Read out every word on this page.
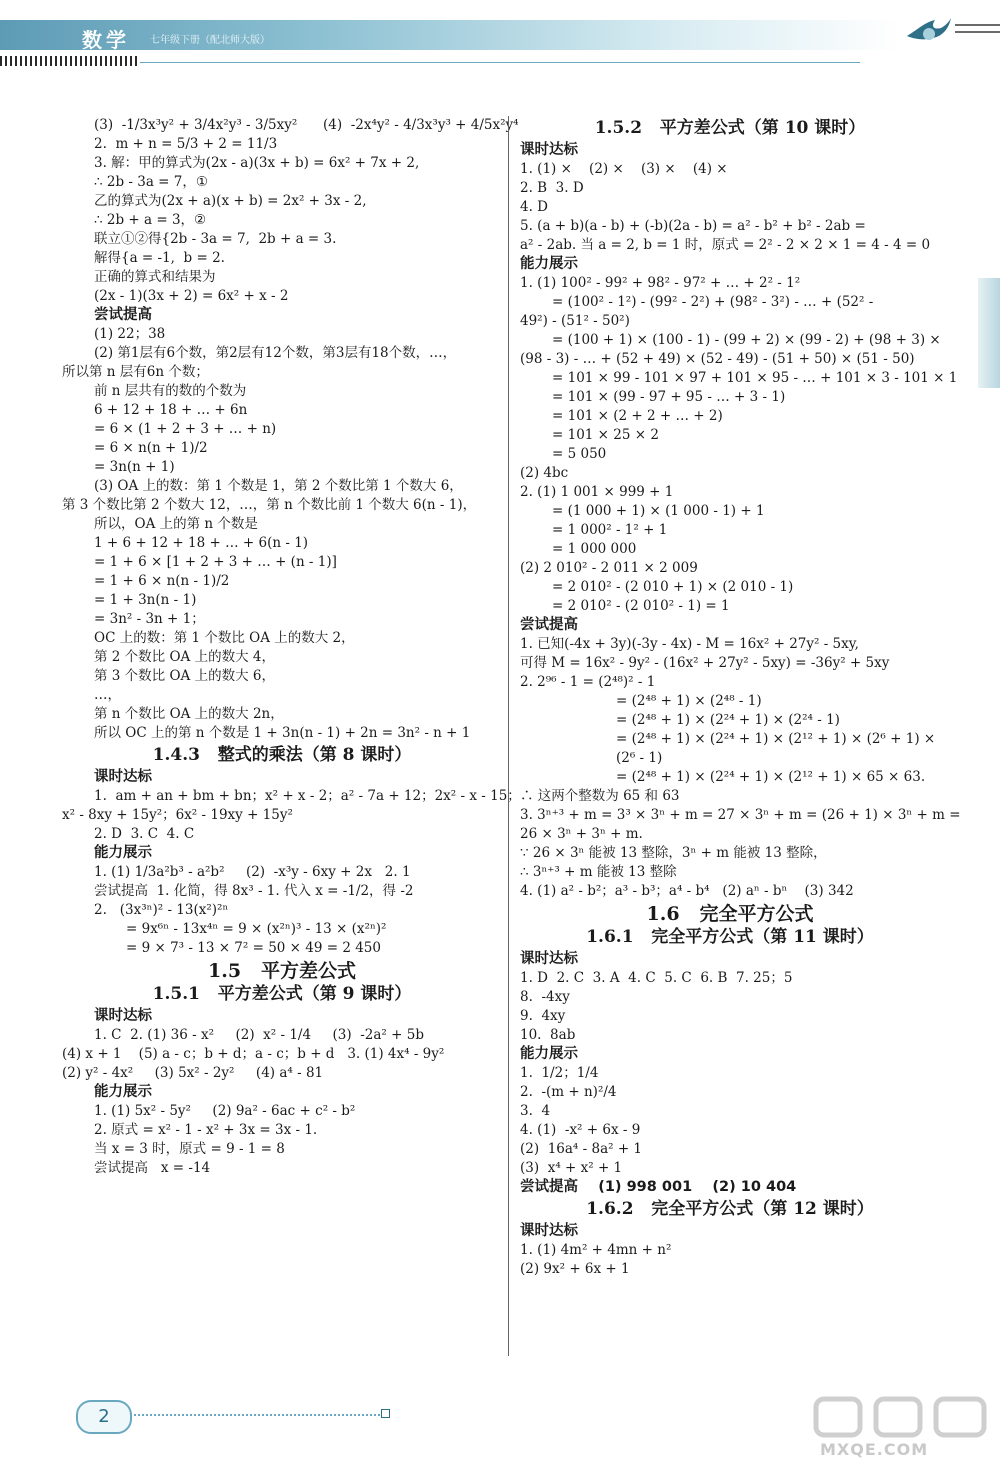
数学 七年级下册（配北师大版）
(3)  -1/3x³y² + 3/4x²y³ - 3/5xy²      (4)  -2x⁴y² - 4/3x³y³ + 4/5x²y⁴
2.  m + n = 5/3 + 2 = 11/3
3. 解：甲的算式为(2x - a)(3x + b) = 6x² + 7x + 2,
∴ 2b - 3a = 7，①
乙的算式为(2x + a)(x + b) = 2x² + 3x - 2,
∴ 2b + a = 3，②
联立①②得{2b - 3a = 7,  2b + a = 3.
解得{a = -1,  b = 2.
正确的算式和结果为
(2x - 1)(3x + 2) = 6x² + x - 2
尝试提高
(1) 22；38
(2) 第1层有6个数，第2层有12个数，第3层有18个数，…，
所以第 n 层有6n 个数；
前 n 层共有的数的个数为
6 + 12 + 18 + … + 6n
= 6 × (1 + 2 + 3 + … + n)
= 6 × n(n + 1)/2
= 3n(n + 1)
(3) OA 上的数：第 1 个数是 1，第 2 个数比第 1 个数大 6，
第 3 个数比第 2 个数大 12，…，第 n 个数比前 1 个数大 6(n - 1)，
所以，OA 上的第 n 个数是
1 + 6 + 12 + 18 + … + 6(n - 1)
= 1 + 6 × [1 + 2 + 3 + … + (n - 1)]
= 1 + 6 × n(n - 1)/2
= 1 + 3n(n - 1)
= 3n² - 3n + 1；
OC 上的数：第 1 个数比 OA 上的数大 2，
第 2 个数比 OA 上的数大 4，
第 3 个数比 OA 上的数大 6，
…，
第 n 个数比 OA 上的数大 2n，
所以 OC 上的第 n 个数是 1 + 3n(n - 1) + 2n = 3n² - n + 1
1.4.3   整式的乘法（第 8 课时）
课时达标
1.  am + an + bm + bn；x² + x - 2；a² - 7a + 12；2x² - x - 15；
x² - 8xy + 15y²；6x² - 19xy + 15y²
2. D  3. C  4. C
能力展示
1. (1) 1/3a²b³ - a²b²     (2)  -x³y - 6xy + 2x   2. 1
尝试提高  1. 化简，得 8x³ - 1. 代入 x = -1/2，得 -2
2.   (3x³ⁿ)² - 13(x²)²ⁿ
= 9x⁶ⁿ - 13x⁴ⁿ = 9 × (x²ⁿ)³ - 13 × (x²ⁿ)²
= 9 × 7³ - 13 × 7² = 50 × 49 = 2 450
1.5   平方差公式
1.5.1   平方差公式（第 9 课时）
课时达标
1. C  2. (1) 36 - x²     (2)  x² - 1/4     (3)  -2a² + 5b
(4) x + 1    (5) a - c；b + d；a - c；b + d   3. (1) 4x⁴ - 9y²
(2) y² - 4x²     (3) 5x² - 2y²     (4) a⁴ - 81
能力展示
1. (1) 5x² - 5y²     (2) 9a² - 6ac + c² - b²
2. 原式 = x² - 1 - x² + 3x = 3x - 1.
当 x = 3 时，原式 = 9 - 1 = 8
尝试提高   x = -14
1.5.2   平方差公式（第 10 课时）
课时达标
1. (1) ×    (2) ×    (3) ×    (4) ×
2. B  3. D
4. D
5. (a + b)(a - b) + (-b)(2a - b) = a² - b² + b² - 2ab =
a² - 2ab. 当 a = 2, b = 1 时，原式 = 2² - 2 × 2 × 1 = 4 - 4 = 0
能力展示
1. (1) 100² - 99² + 98² - 97² + … + 2² - 1²
= (100² - 1²) - (99² - 2²) + (98² - 3²) - … + (52² -
49²) - (51² - 50²)
= (100 + 1) × (100 - 1) - (99 + 2) × (99 - 2) + (98 + 3) ×
(98 - 3) - … + (52 + 49) × (52 - 49) - (51 + 50) × (51 - 50)
= 101 × 99 - 101 × 97 + 101 × 95 - … + 101 × 3 - 101 × 1
= 101 × (99 - 97 + 95 - … + 3 - 1)
= 101 × (2 + 2 + … + 2)
= 101 × 25 × 2
= 5 050
(2) 4bc
2. (1) 1 001 × 999 + 1
= (1 000 + 1) × (1 000 - 1) + 1
= 1 000² - 1² + 1
= 1 000 000
(2) 2 010² - 2 011 × 2 009
= 2 010² - (2 010 + 1) × (2 010 - 1)
= 2 010² - (2 010² - 1) = 1
尝试提高
1. 已知(-4x + 3y)(-3y - 4x) - M = 16x² + 27y² - 5xy,
可得 M = 16x² - 9y² - (16x² + 27y² - 5xy) = -36y² + 5xy
2. 2⁹⁶ - 1 = (2⁴⁸)² - 1
= (2⁴⁸ + 1) × (2⁴⁸ - 1)
= (2⁴⁸ + 1) × (2²⁴ + 1) × (2²⁴ - 1)
= (2⁴⁸ + 1) × (2²⁴ + 1) × (2¹² + 1) × (2⁶ + 1) ×
(2⁶ - 1)
= (2⁴⁸ + 1) × (2²⁴ + 1) × (2¹² + 1) × 65 × 63.
∴ 这两个整数为 65 和 63
3. 3ⁿ⁺³ + m = 3³ × 3ⁿ + m = 27 × 3ⁿ + m = (26 + 1) × 3ⁿ + m =
26 × 3ⁿ + 3ⁿ + m.
∵ 26 × 3ⁿ 能被 13 整除，3ⁿ + m 能被 13 整除，
∴ 3ⁿ⁺³ + m 能被 13 整除
4. (1) a² - b²；a³ - b³；a⁴ - b⁴   (2) aⁿ - bⁿ    (3) 342
1.6   完全平方公式
1.6.1   完全平方公式（第 11 课时）
课时达标
1. D  2. C  3. A  4. C  5. C  6. B  7. 25；5
8.  -4xy
9.  4xy
10.  8ab
能力展示
1.  1/2；1/4
2.  -(m + n)²/4
3.  4
4. (1)  -x² + 6x - 9
(2)  16a⁴ - 8a² + 1
(3)  x⁴ + x² + 1
尝试提高    (1) 998 001    (2) 10 404
1.6.2   完全平方公式（第 12 课时）
课时达标
1. (1) 4m² + 4mn + n²
(2) 9x² + 6x + 1
2
MXQE.COM
